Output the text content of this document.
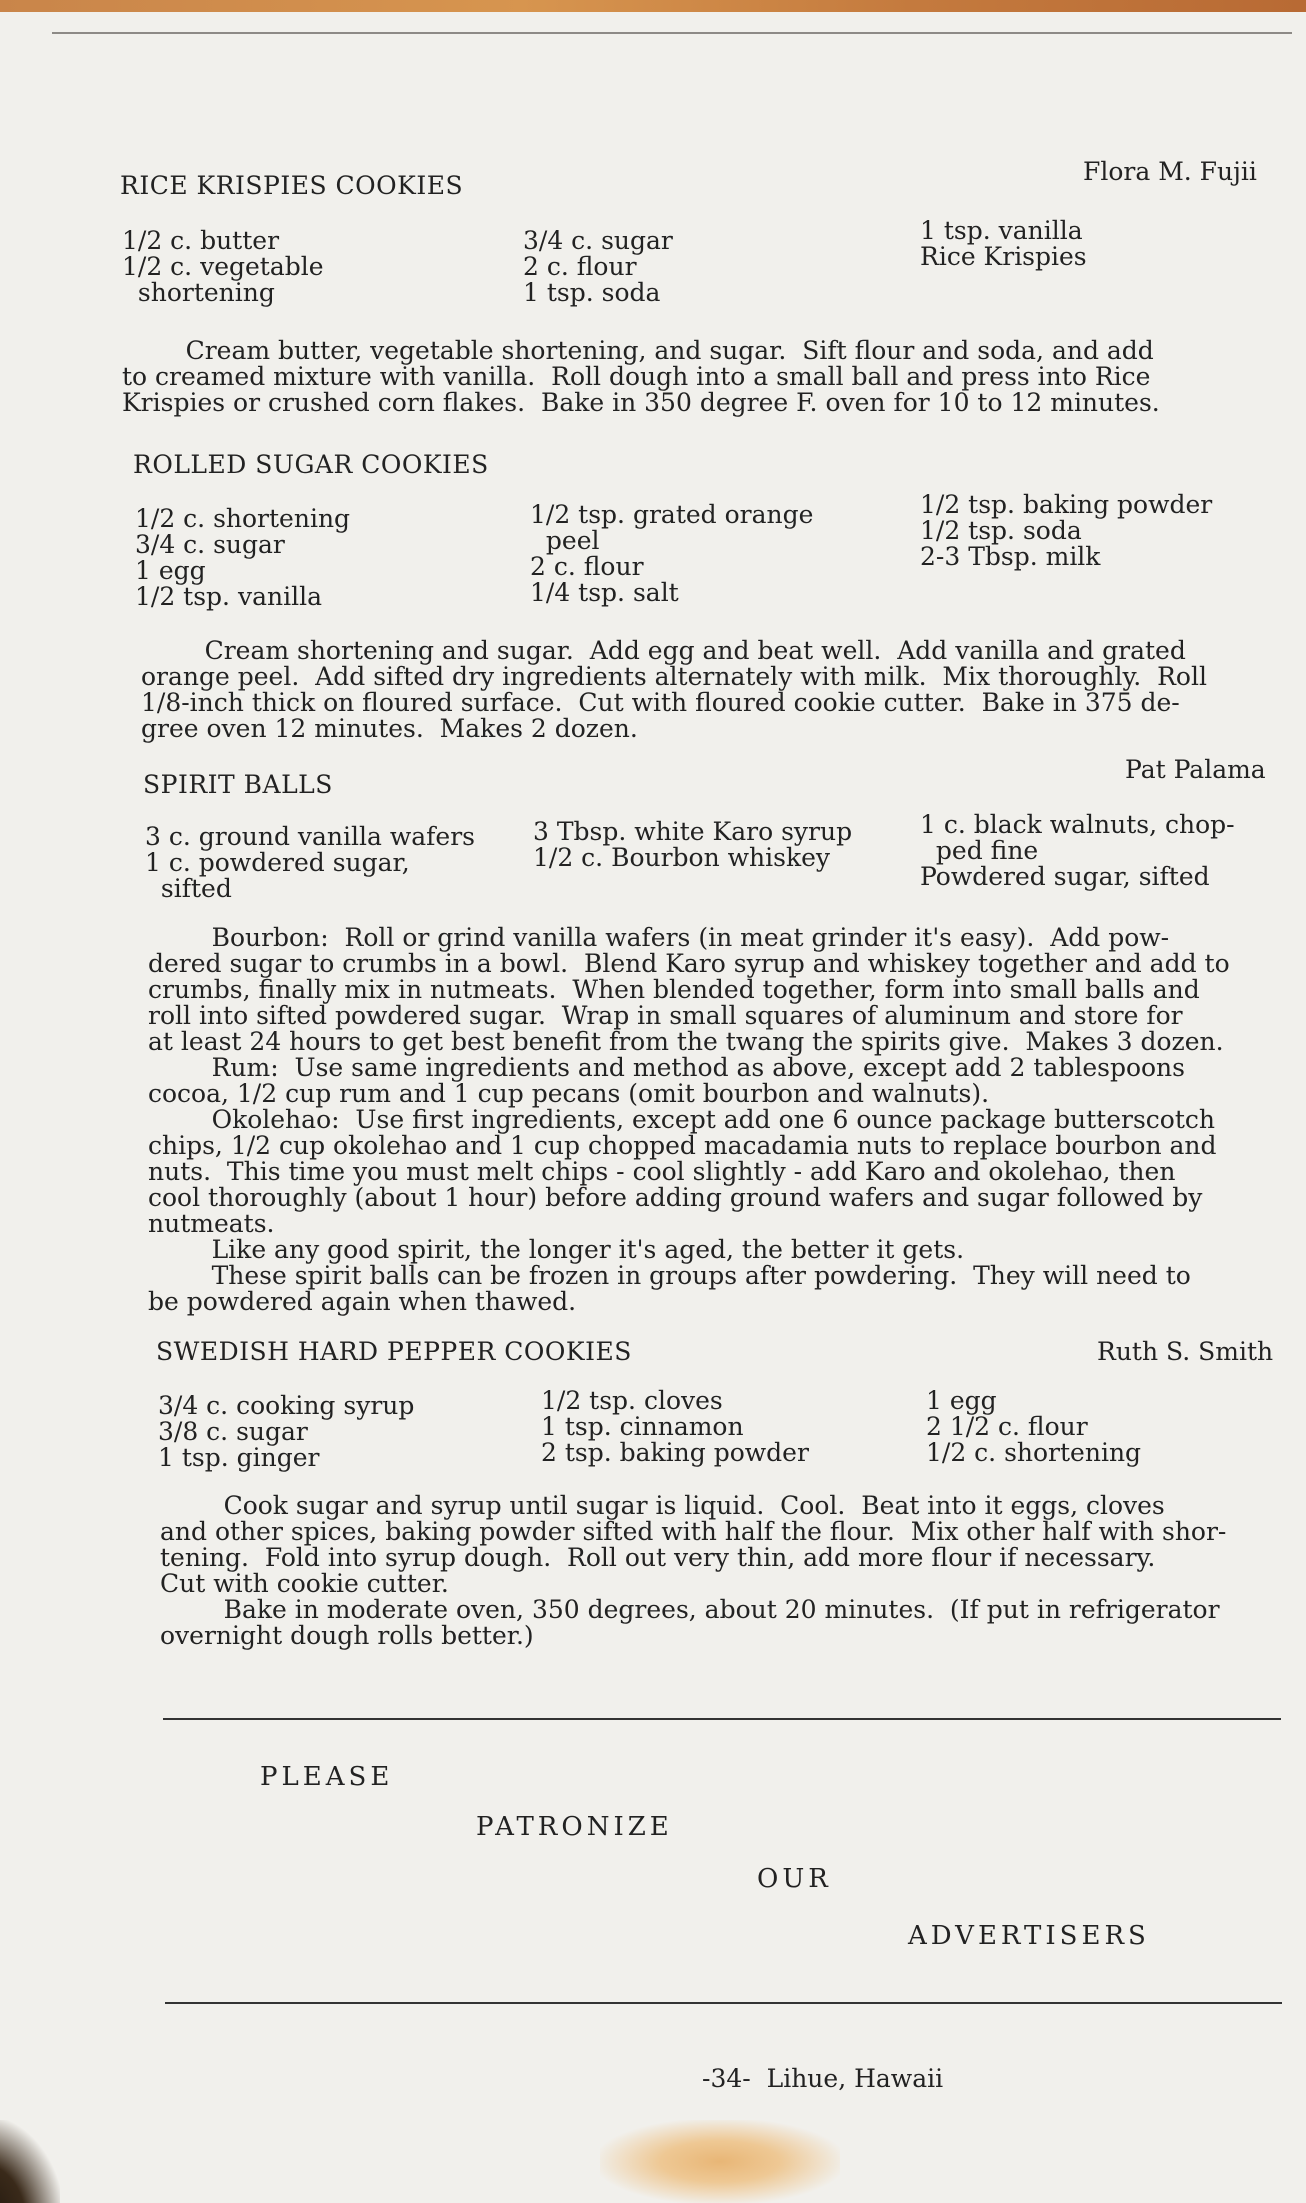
RICE KRISPIES COOKIES	Flora M. Fujii
1/2 c. butter
1/2 c. vegetable
shortening
3/4 c. sugar
2 c. flour
1 tsp. soda
1 tsp. vanilla
Rice Krispies
Cream butter, vegetable shortening, and sugar.  Sift flour and soda, and add
to creamed mixture with vanilla.  Roll dough into a small ball and press into Rice
Krispies or crushed corn flakes.  Bake in 350 degree F. oven for 10 to 12 minutes.
ROLLED SUGAR COOKIES
1/2 c. shortening
3/4 c. sugar
1 egg
1/2 tsp. vanilla
1/2 tsp. grated orange
peel
2 c. flour
1/4 tsp. salt
1/2 tsp. baking powder
1/2 tsp. soda
2-3 Tbsp. milk
Cream shortening and sugar.  Add egg and beat well.  Add vanilla and grated
orange peel.  Add sifted dry ingredients alternately with milk.  Mix thoroughly.  Roll
1/8-inch thick on floured surface.  Cut with floured cookie cutter.  Bake in 375 de-
gree oven 12 minutes.  Makes 2 dozen.
SPIRIT BALLS
Pat Palama
3 c. ground vanilla wafers
1 c. powdered sugar,
sifted
3 Tbsp. white Karo syrup
1/2 c. Bourbon whiskey
1 c. black walnuts, chop-
ped fine
Powdered sugar, sifted
Bourbon:  Roll or grind vanilla wafers (in meat grinder it's easy).  Add pow-
dered sugar to crumbs in a bowl.  Blend Karo syrup and whiskey together and add to
crumbs, finally mix in nutmeats.  When blended together, form into small balls and
roll into sifted powdered sugar.  Wrap in small squares of aluminum and store for
at least 24 hours to get best benefit from the twang the spirits give.  Makes 3 dozen.
Rum:  Use same ingredients and method as above, except add 2 tablespoons
cocoa, 1/2 cup rum and 1 cup pecans (omit bourbon and walnuts).
Okolehao:  Use first ingredients, except add one 6 ounce package butterscotch
chips, 1/2 cup okolehao and 1 cup chopped macadamia nuts to replace bourbon and
nuts.  This time you must melt chips - cool slightly - add Karo and okolehao, then
cool thoroughly (about 1 hour) before adding ground wafers and sugar followed by
nutmeats.
Like any good spirit, the longer it's aged, the better it gets.
These spirit balls can be frozen in groups after powdering.  They will need to
be powdered again when thawed.
SWEDISH HARD PEPPER COOKIES	Ruth S. Smith
3/4 c. cooking syrup
3/8 c. sugar
1 tsp. ginger
1/2 tsp. cloves
1 tsp. cinnamon
2 tsp. baking powder
1 egg
2 1/2 c. flour
1/2 c. shortening
Cook sugar and syrup until sugar is liquid.  Cool.  Beat into it eggs, cloves
and other spices, baking powder sifted with half the flour.  Mix other half with shor-
tening.  Fold into syrup dough.  Roll out very thin, add more flour if necessary.
Cut with cookie cutter.
Bake in moderate oven, 350 degrees, about 20 minutes.  (If put in refrigerator
overnight dough rolls better.)
PLEASE
PATRONIZE
OUR
ADVERTISERS
-34-  Lihue, Hawaii
